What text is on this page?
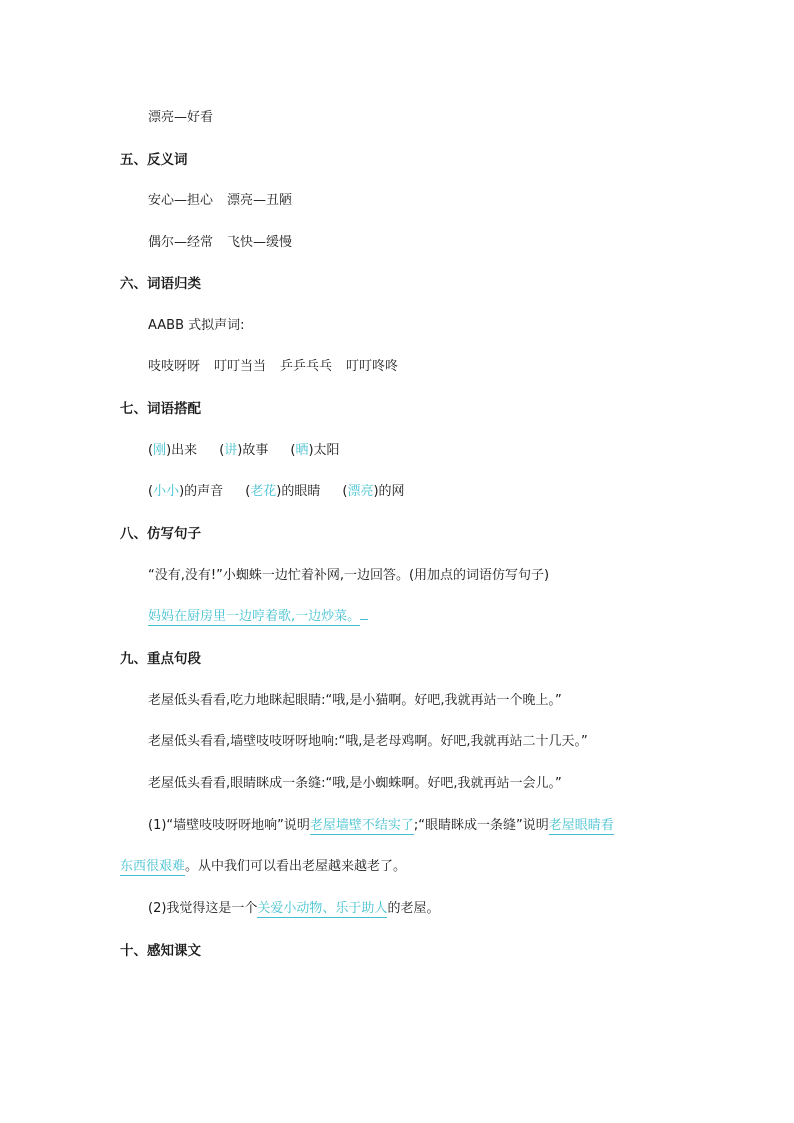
漂亮—好看
五、反义词
安心—担心 漂亮—丑陋
偶尔—经常 飞快—缓慢
六、词语归类
AABB 式拟声词:
吱吱呀呀 叮叮当当 乒乒乓乓 叮叮咚咚
七、词语搭配
(刚)出来 (讲)故事 (晒)太阳
(小小)的声音 (老花)的眼睛 (漂亮)的网
八、仿写句子
“没有,没有!”小蜘蛛一边忙着补网,一边回答。(用加点的词语仿写句子)
妈妈在厨房里一边哼着歌,一边炒菜。
九、重点句段
老屋低头看看,吃力地眯起眼睛:“哦,是小猫啊。好吧,我就再站一个晚上。”
老屋低头看看,墙壁吱吱呀呀地响:“哦,是老母鸡啊。好吧,我就再站二十几天。”
老屋低头看看,眼睛眯成一条缝:“哦,是小蜘蛛啊。好吧,我就再站一会儿。”
(1)“墙壁吱吱呀呀地响”说明老屋墙壁不结实了;“眼睛眯成一条缝”说明老屋眼睛看
东西很艰难。从中我们可以看出老屋越来越老了。
(2)我觉得这是一个关爱小动物、乐于助人的老屋。
十、感知课文
